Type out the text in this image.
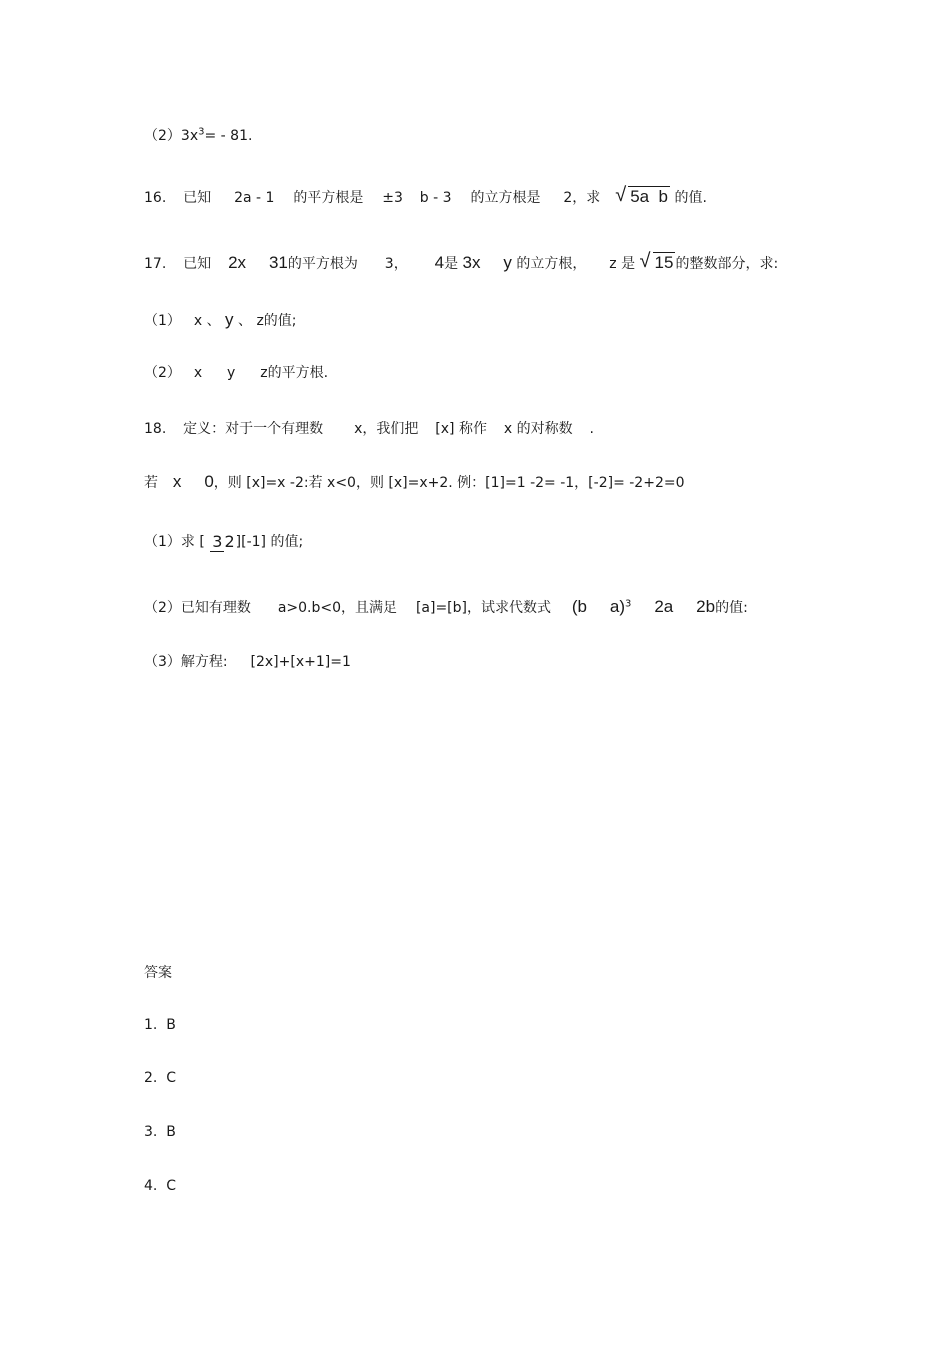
$(2)3x^3= - 81$.
16. 已知 2a - 1 的平方根是 ±3 b - 3 的立方根是 2，求 √ 5a  b 的值.
17. 已知 2x 31的平方根为 3， 4是 3x y 的立方根， z 是 √ 15 的整数部分，求:
（1） x 、 y 、 z的值;
（2） x y z的平方根.
18. 定义：对于一个有理数 x，我们把 [x] 称作 x 的对称数 .
若 x 0，则 [x]=x -2:若 x<0，则 [x]=x+2. 例：[1]=1 -2= -1，[-2]= -2+2=0
（1）求 [ 3 2][-1] 的值;
（2）已知有理数 a>0.b<0，且满足 [a]=[b]，试求代数式 (b a)$^3$ 2a 2b的值:
（3）解方程: [2x]+[x+1]=1
答案
1.  B
2.  C
3.  B
4.  C
